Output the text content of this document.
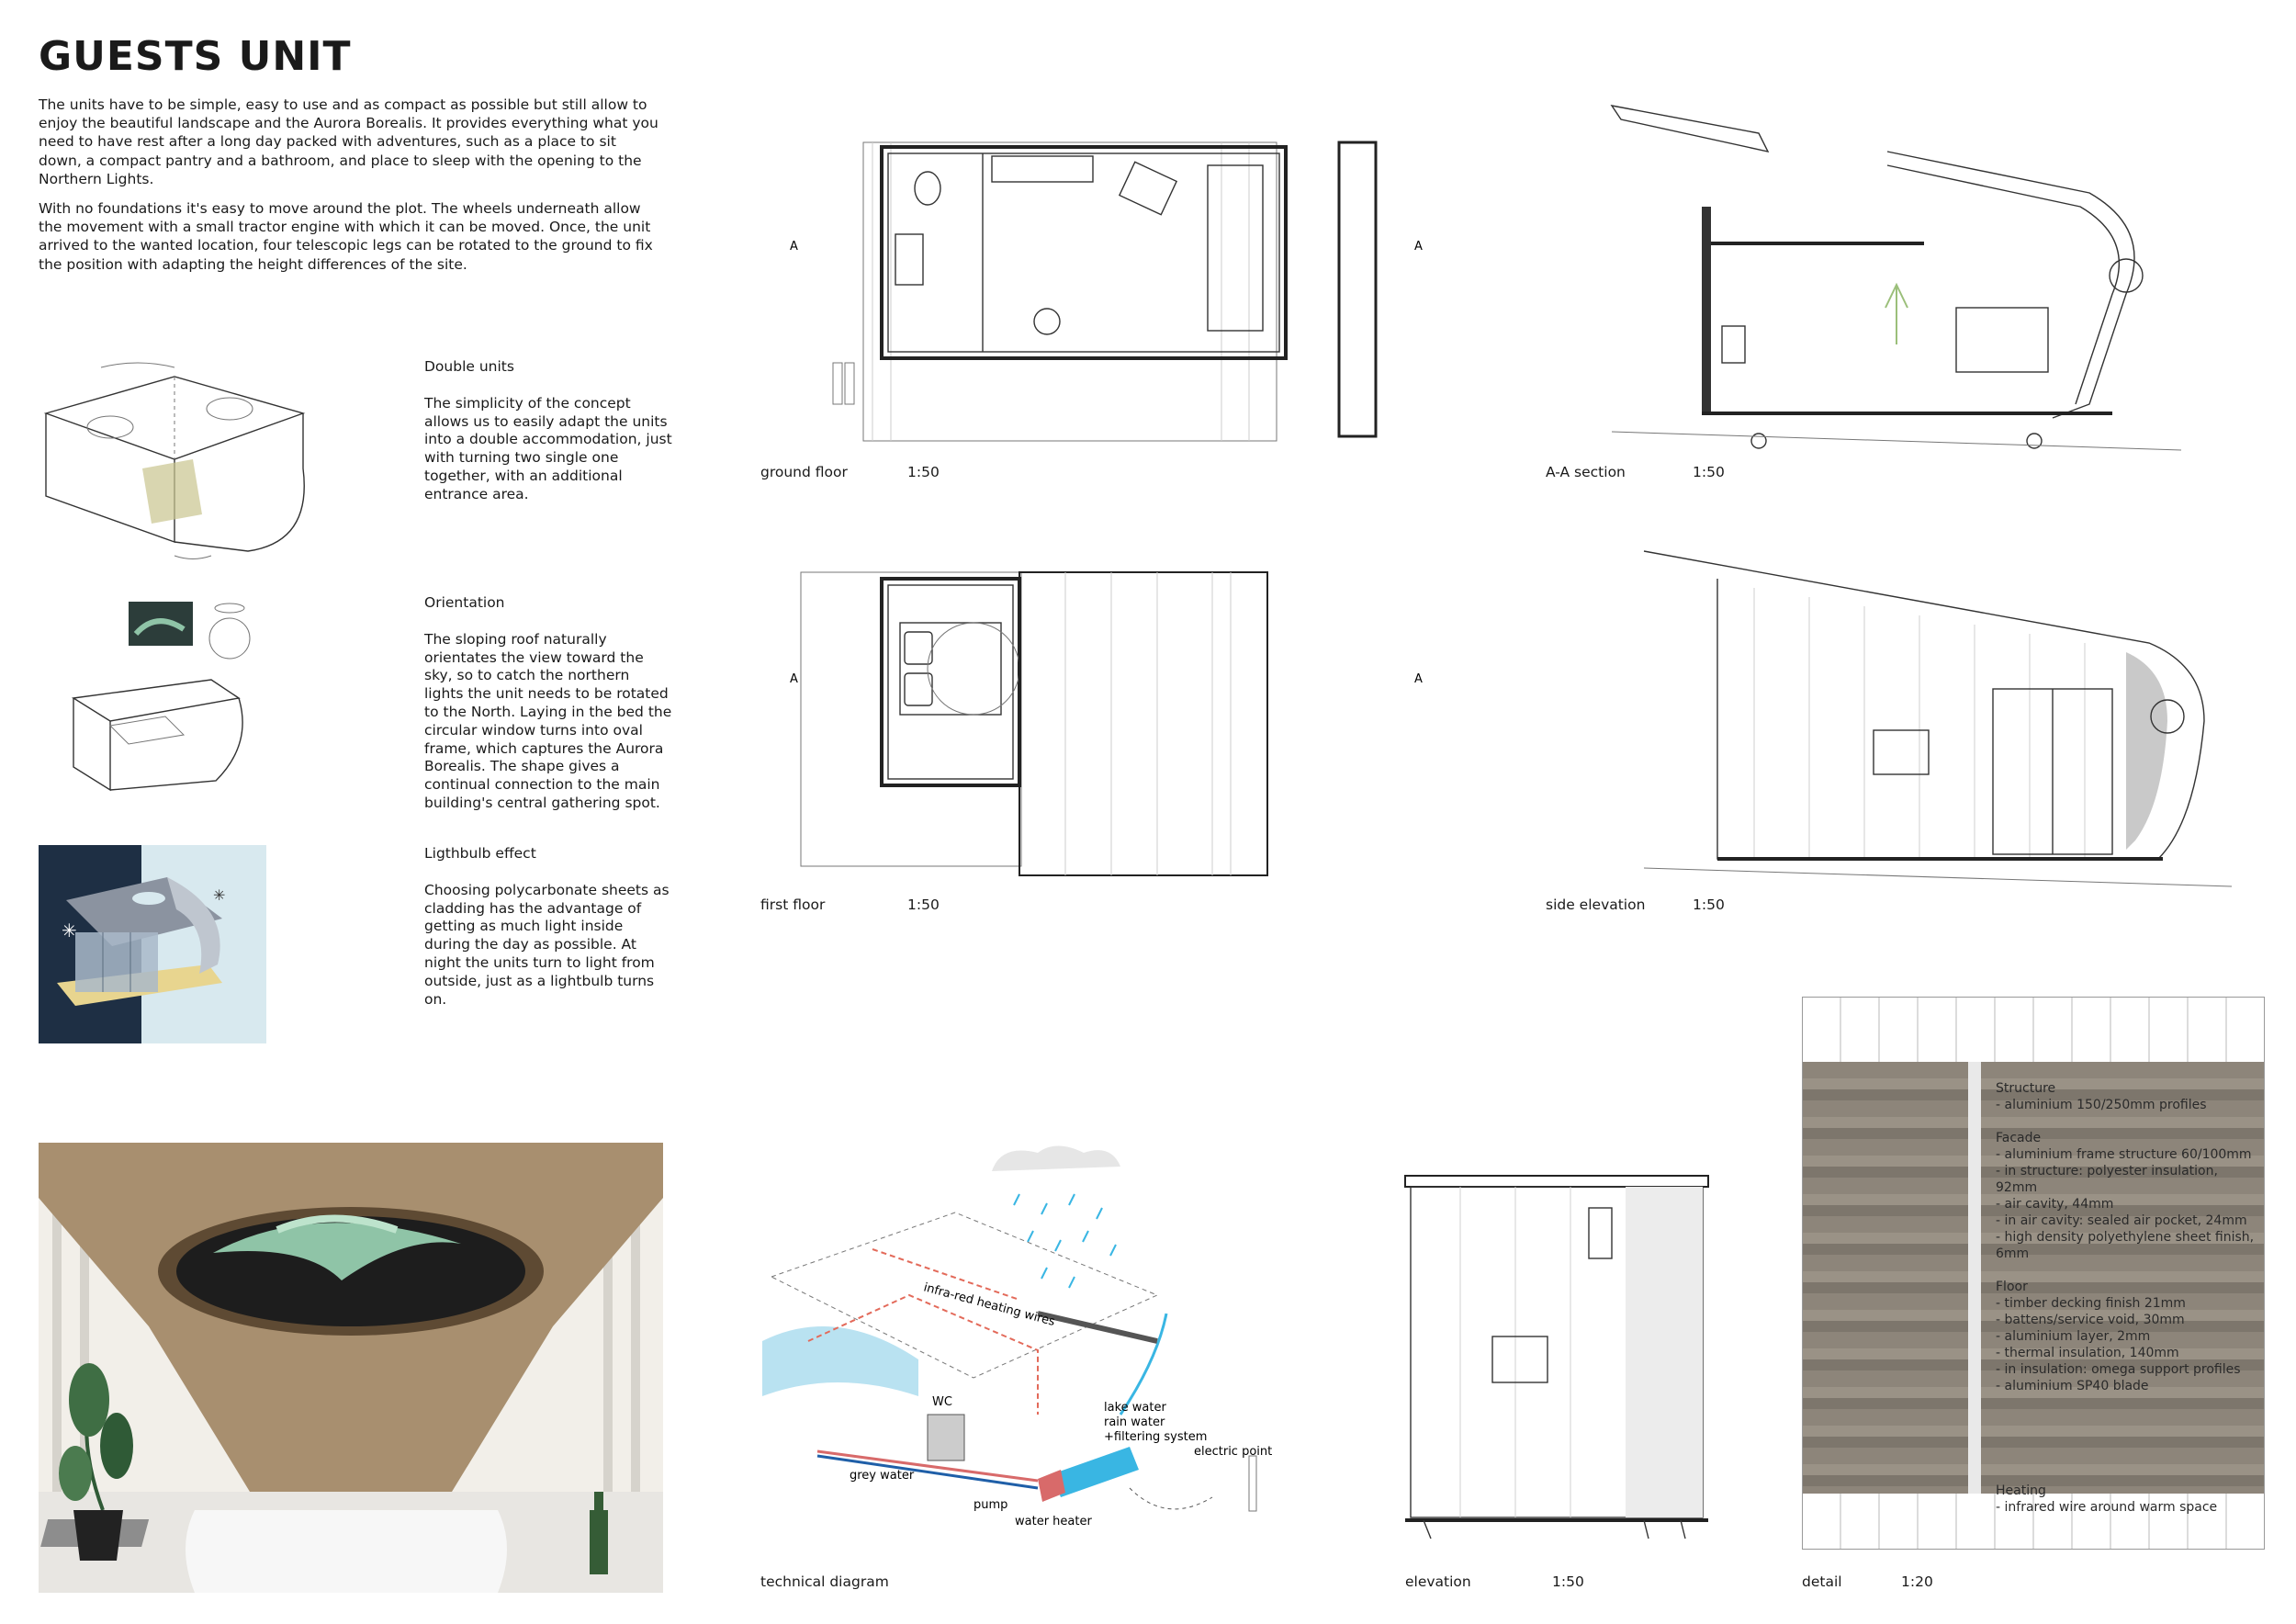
GUESTS UNIT

The units have to be simple, easy to use and as compact as possible but still allow to enjoy the beautiful landscape and the Aurora Borealis. It provides everything what you need to have rest after a long day packed with adventures, such as a place to sit down, a compact pantry and a bathroom, and place to sleep with the opening to the Northern Lights.

With no foundations it's easy to move around the plot. The wheels underneath allow the movement with a small tractor engine with which it can be moved. Once, the unit arrived to the wanted location, four telescopic legs can be rotated to the ground to fix the position with adapting the height differences of the site.

Double units
The simplicity of the concept allows us to easily adapt the units into a double accommodation, just with turning two single one together, with an additional entrance area.
Orientation
The sloping roof naturally orientates the view toward the sky, so to catch the northern lights the unit needs to be rotated to the North. Laying in the bed the circular window turns into oval frame, which captures the Aurora Borealis. The shape gives a continual connection to the main building's central gathering spot.
Ligthbulb effect
Choosing polycarbonate sheets as cladding has the advantage of getting as much light inside during the day as possible. At night the units turn to light from outside, just as a lightbulb turns on.
✳
✳
A	A
ground floor	1:50
A	A
first floor	1:50
A-A section	1:50
side elevation	1:50
infra-red heating wires
WC
grey water
pump
water heater
lake water
rain water
+filtering system
electric point
technical diagram	elevation	1:50
Structure
- aluminium 150/250mm profiles
Facade
- aluminium frame structure 60/100mm
- in structure: polyester insulation, 92mm
- air cavity, 44mm
- in air cavity: sealed air pocket, 24mm
- high density polyethylene sheet finish, 6mm
Floor
- timber decking finish 21mm
- battens/service void, 30mm
- aluminium layer, 2mm
- thermal insulation, 140mm
- in insulation: omega support profiles
- aluminium SP40 blade
Heating
- infrared wire around warm space
detail	1:20
